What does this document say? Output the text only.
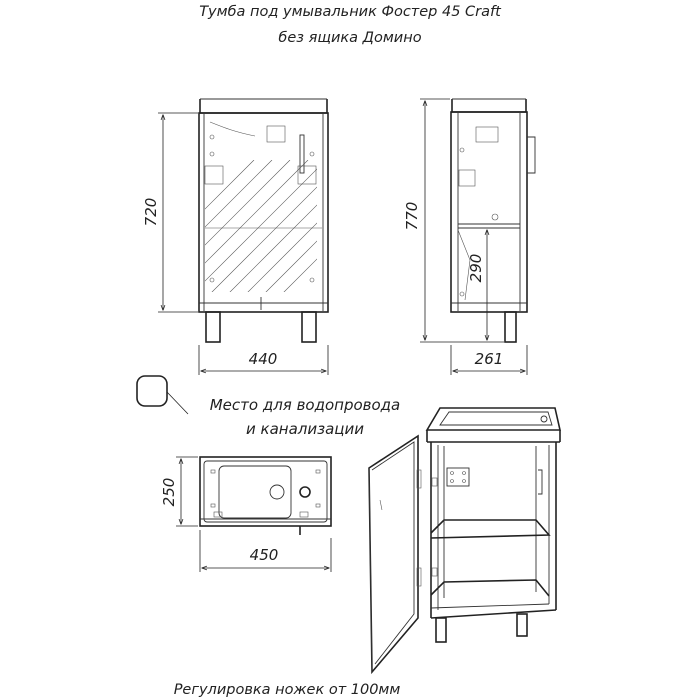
Тумба под умывальник Фостер 45 Craft
без ящика Домино
720
440
770
290
261
Место для водопровода
и канализации
250
450
Регулировка ножек от 100мм
